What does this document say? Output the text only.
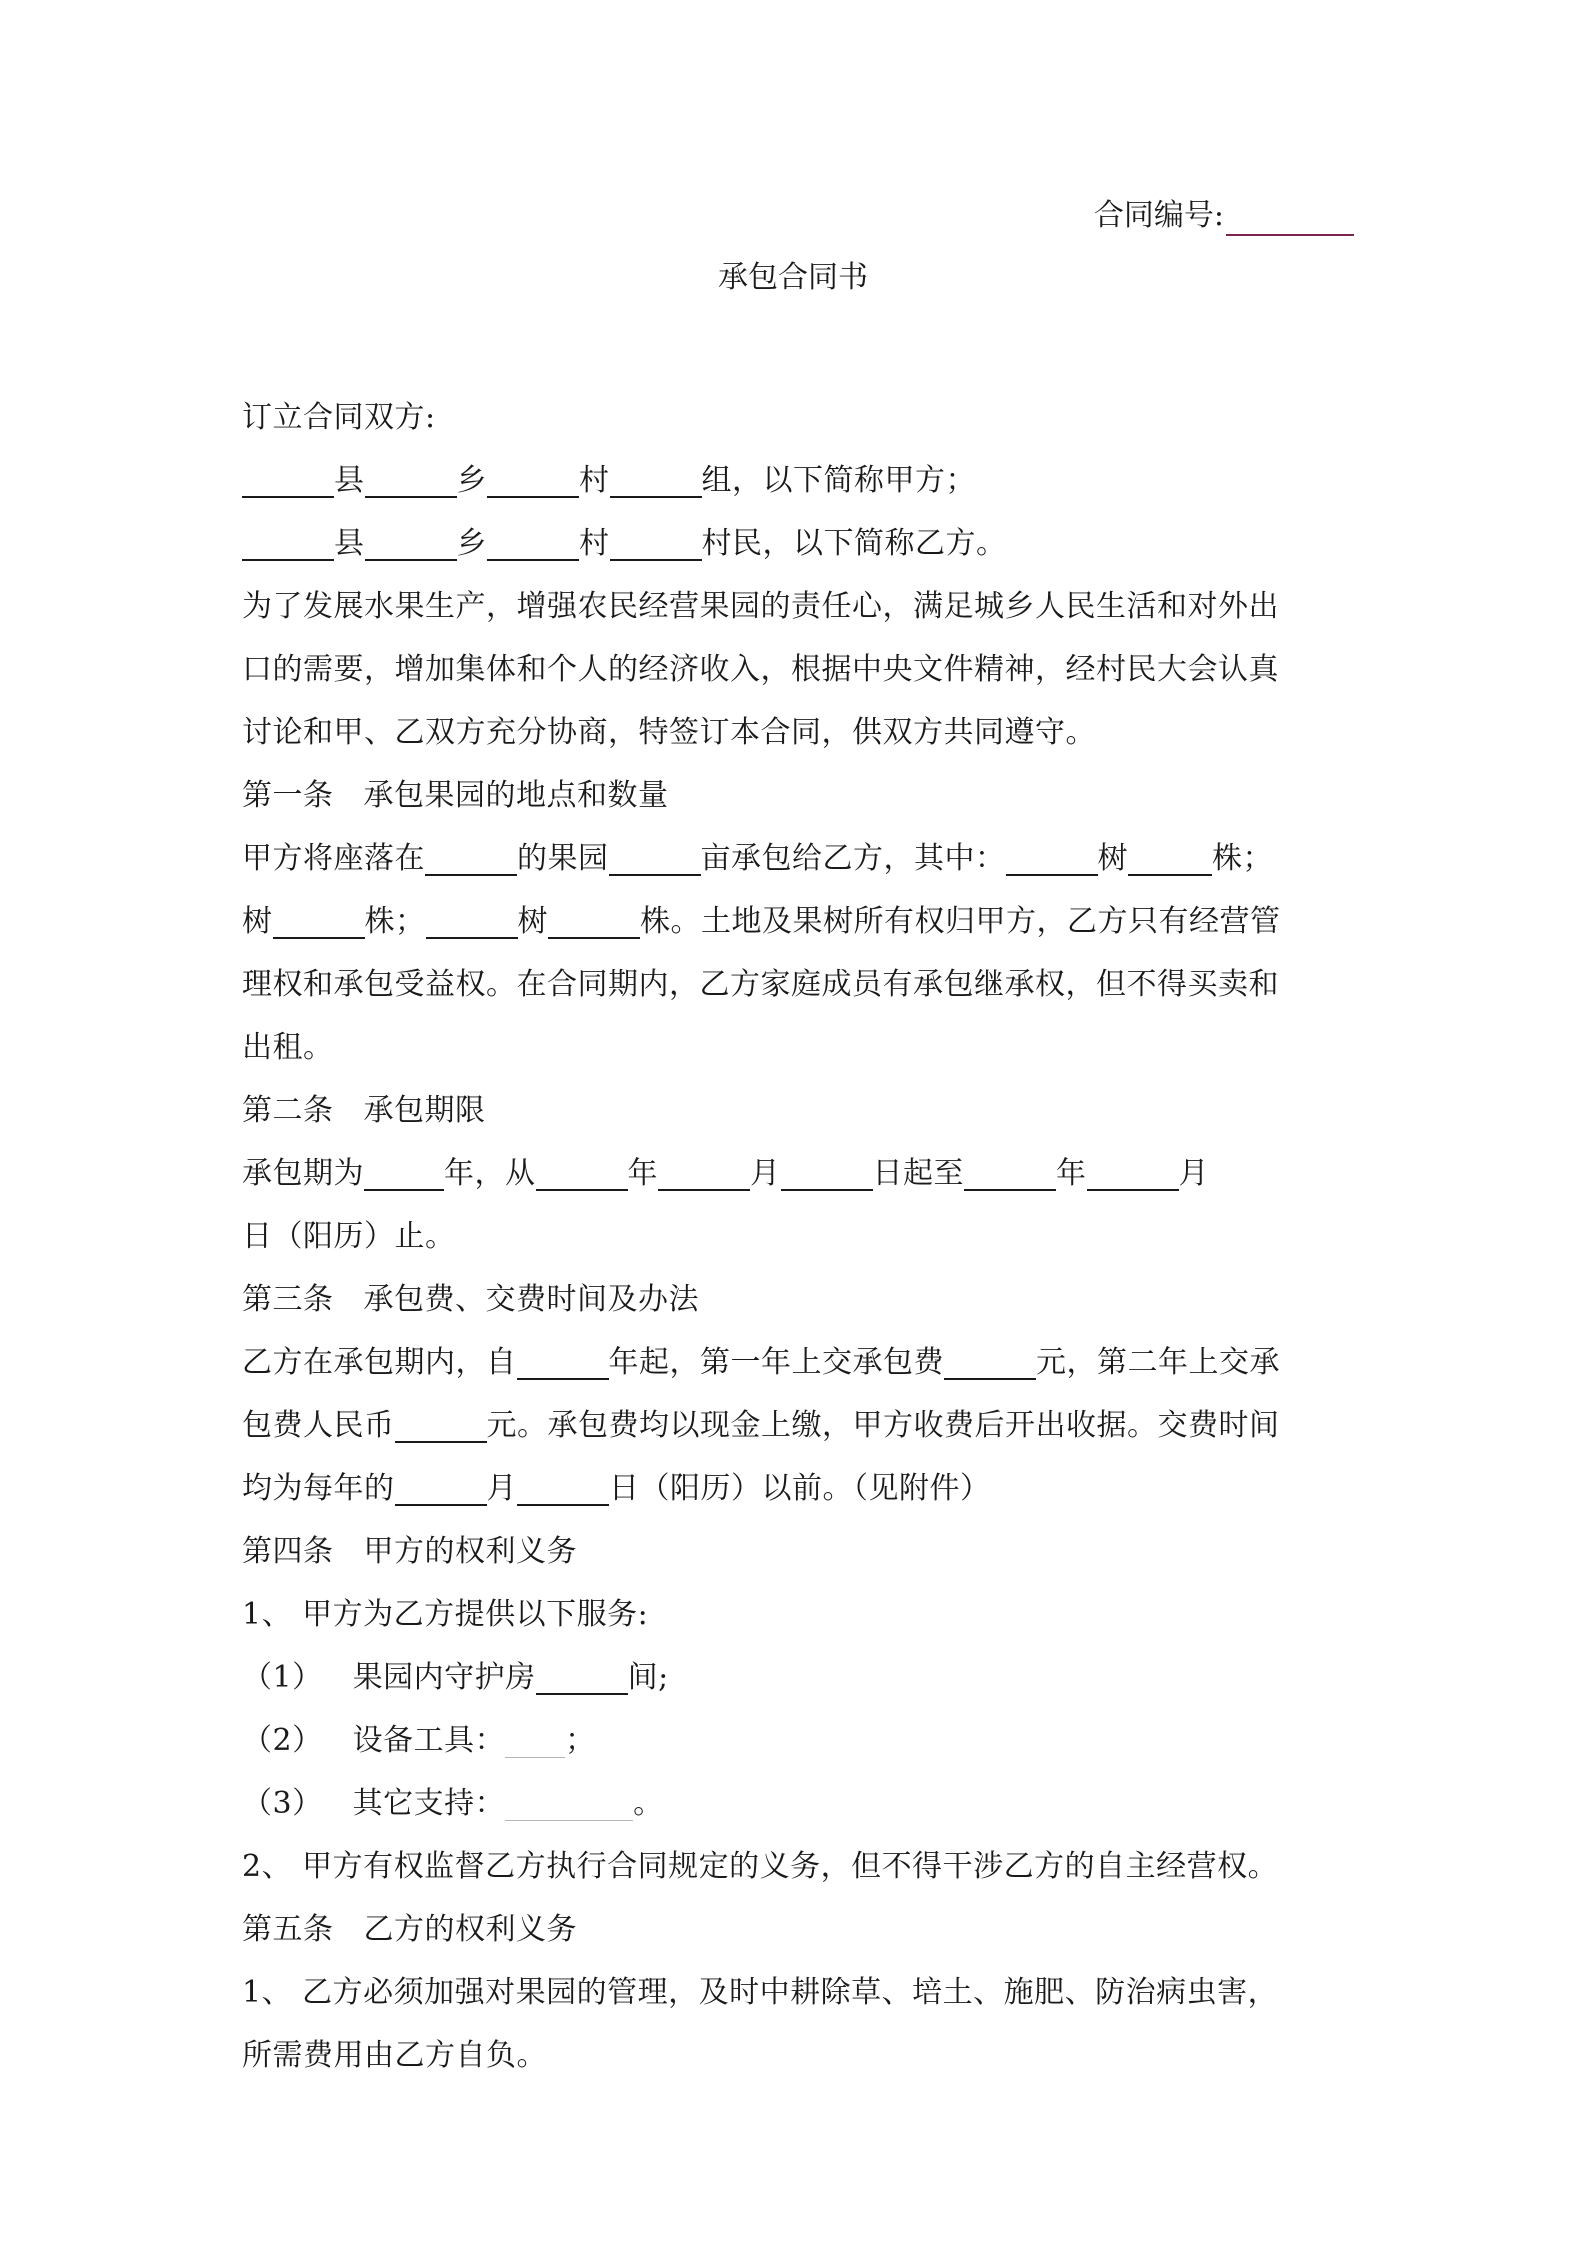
合同编号:
承包合同书
订立合同双方:
县	乡	村	组，以下简称甲方；
县	乡	村	村民，以下简称乙方。
为了发展水果生产，增强农民经营果园的责任心，满足城乡人民生活和对外出
口的需要，增加集体和个人的经济收入，根据中央文件精神，经村民大会认真
讨论和甲、乙双方充分协商，特签订本合同，供双方共同遵守。
第一条 承包果园的地点和数量
甲方将座落在	的果园	亩承包给乙方，其中：	树	株；
树	株；	树	株。土地及果树所有权归甲方，乙方只有经营管
理权和承包受益权。在合同期内，乙方家庭成员有承包继承权，但不得买卖和
出租。
第二条 承包期限
承包期为	年，从	年	月	日起至	年	月
日（阳历）止。
第三条 承包费、交费时间及办法
乙方在承包期内，自	年起，第一年上交承包费	元，第二年上交承
包费人民币	元。承包费均以现金上缴，甲方收费后开出收据。交费时间
均为每年的	月	日（阳历）以前。（见附件）
第四条 甲方的权利义务
1、 甲方为乙方提供以下服务:
（1） 果园内守护房	间;
（2） 设备工具： ；
（3） 其它支持：	。
2、 甲方有权监督乙方执行合同规定的义务，但不得干涉乙方的自主经营权。
第五条 乙方的权利义务
1、 乙方必须加强对果园的管理，及时中耕除草、培土、施肥、防治病虫害，
所需费用由乙方自负。
